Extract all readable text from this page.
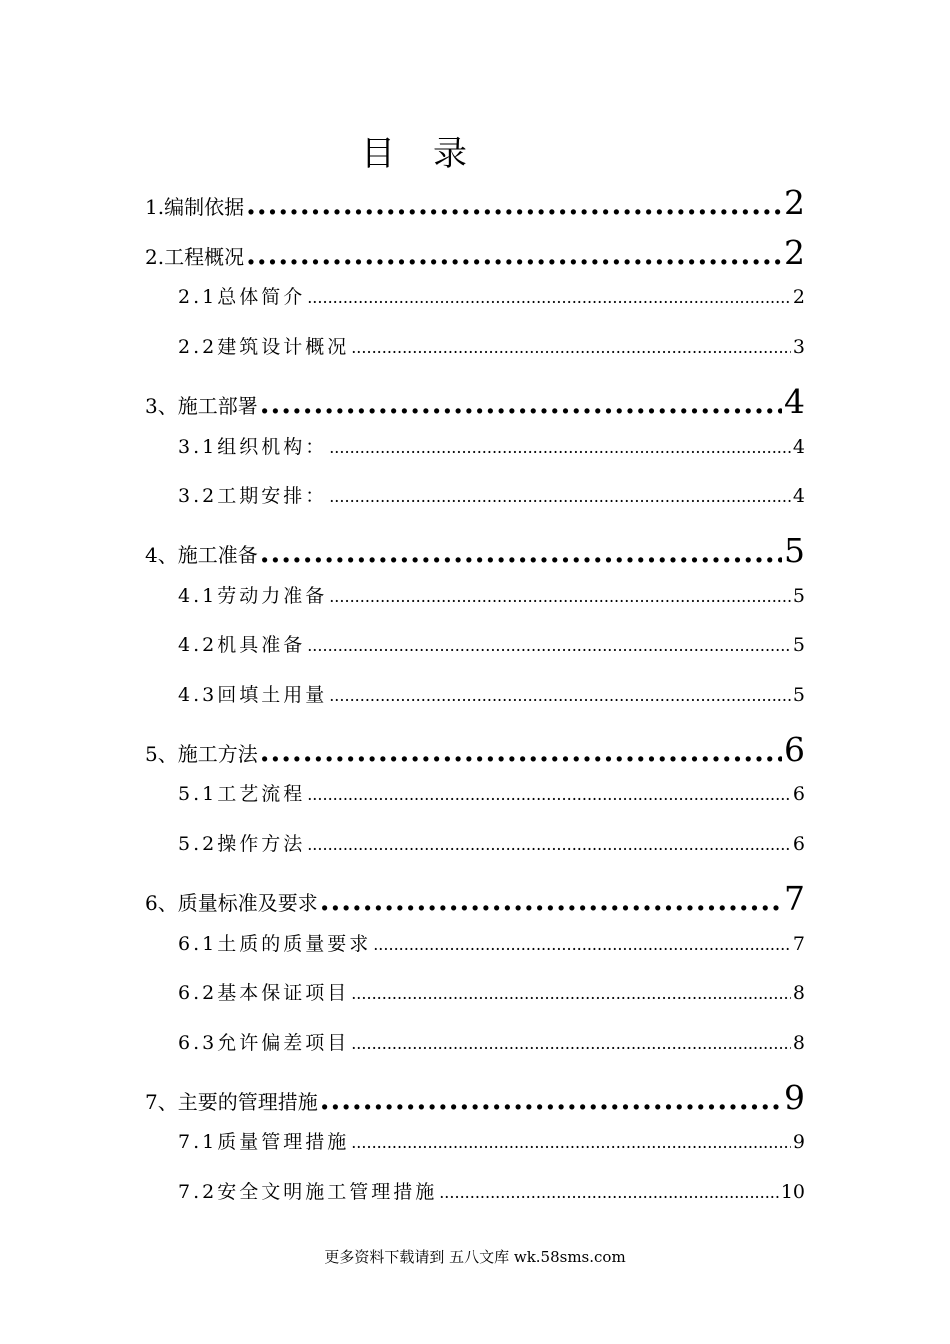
目　录
1.编制依据 .....	2
2.工程概况 .....	2
2.1总体简介 .....	2
2.2建筑设计概况 .....	3
3、施工部署 .....	4
3.1组织机构： .....	4
3.2工期安排： .....	4
4、施工准备 .....	5
4.1劳动力准备 .....	5
4.2机具准备 .....	5
4.3回填土用量 .....	5
5、施工方法 .....	6
5.1工艺流程 .....	6
5.2操作方法 .....	6
6、质量标准及要求 .....	7
6.1土质的质量要求 .....	7
6.2基本保证项目 .....	8
6.3允许偏差项目 .....	8
7、主要的管理措施 .....	9
7.1质量管理措施 .....	9
7.2安全文明施工管理措施 .....	10
更多资料下载请到 五八文库 wk.58sms.com
